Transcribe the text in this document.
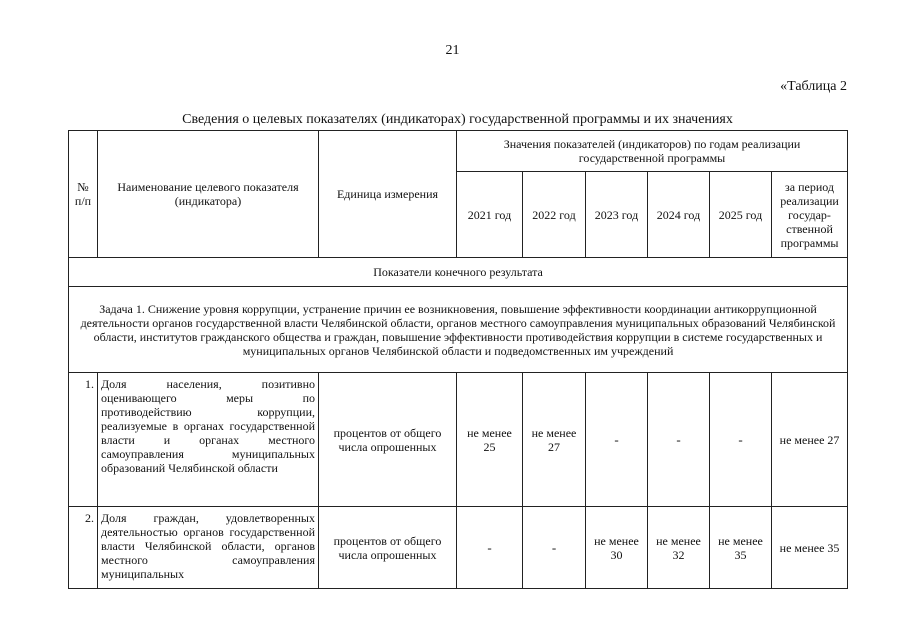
21
«Таблица 2
Сведения о целевых показателях (индикаторах) государственной программы и их значениях
№ п/п	Наименование целевого показателя (индикатора)	Единица измерения	Значения показателей (индикаторов) по годам реализации государственной программы					
			2021 год	2022 год	2023 год	2024 год	2025 год	за период реализации государ-ственной программы
Показатели конечного результата								
Задача 1. Снижение уровня коррупции, устранение причин ее возникновения, повышение эффективности координации антикоррупционной деятельности органов государственной власти Челябинской области, органов местного самоуправления муниципальных образований Челябинской области, институтов гражданского общества и граждан, повышение эффективности противодействия коррупции в системе государственных и муниципальных органов Челябинской области и подведомственных им учреждений								
1.	Доля населения, позитивно оценивающего меры по противодействию коррупции, реализуемые в органах государственной власти и органах местного самоуправления муниципальных образований Челябинской области	процентов от общего числа опрошенных	не менее 25	не менее 27	-	-	-	не менее 27
2.	Доля граждан, удовлетворенных деятельностью органов государственной власти Челябинской области, органов местного самоуправления муниципальных	процентов от общего числа опрошенных	-	-	не менее 30	не менее 32	не менее 35	не менее 35
